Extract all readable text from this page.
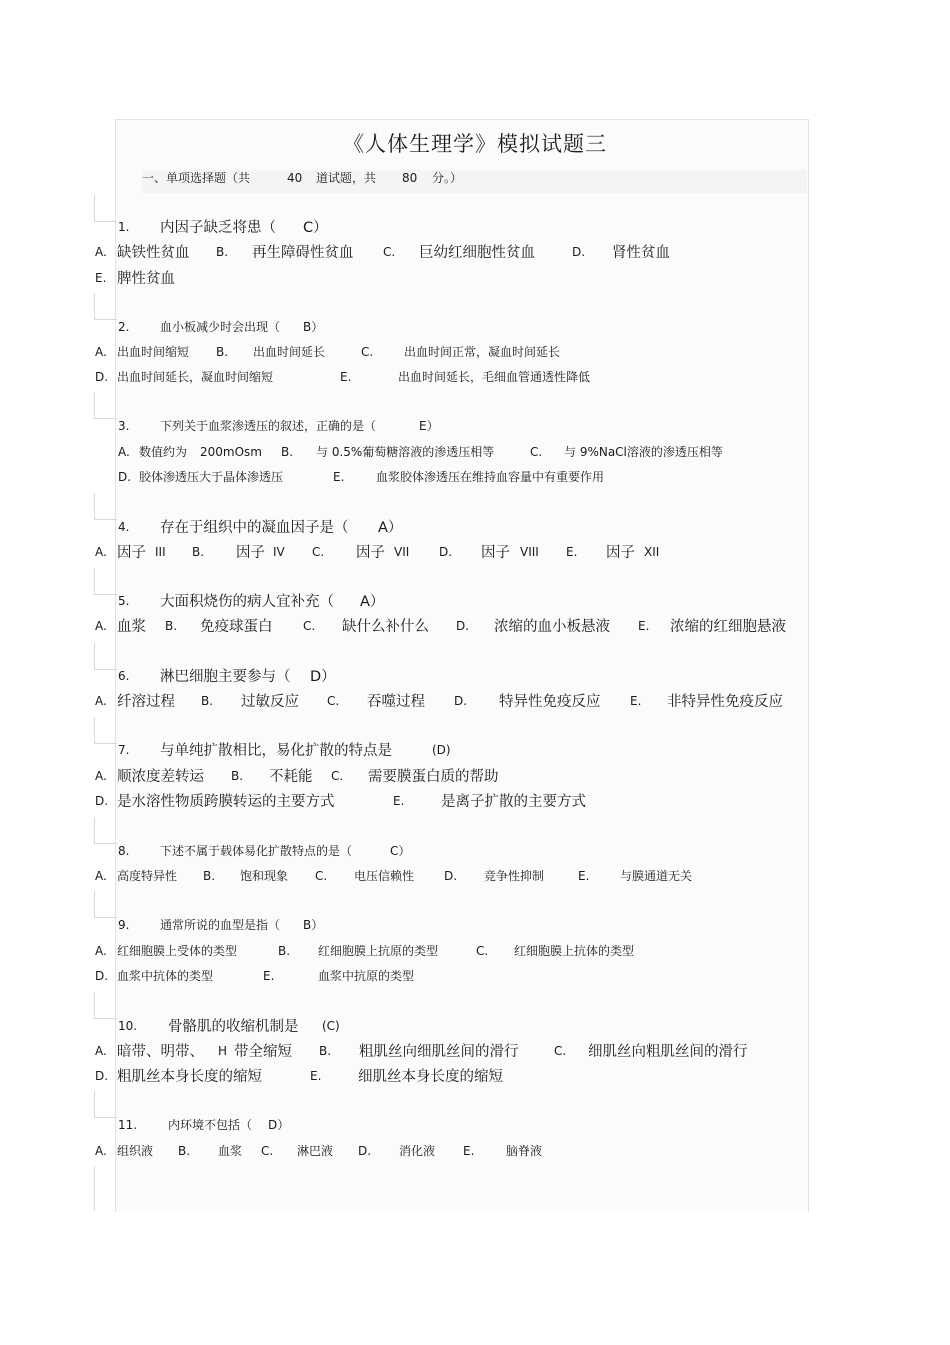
《人体生理学》模拟试题三
一、单项选择题（共	40 道试题，共 80 分。）
1. 内因子缺乏将患（ C）
A. 缺铁性贫血 B. 再生障碍性贫血 C. 巨幼红细胞性贫血	D. 肾性贫血
E. 脾性贫血
2.	血小板减少时会出现（ B）
A. 出血时间缩短 B. 出血时间延长	C.	出血时间正常，凝血时间延长
D. 出血时间延长，凝血时间缩短	E.	出血时间延长，毛细血管通透性降低
3.	下列关于血浆渗透压的叙述，正确的是（	E）
A. 数值约为 200mOsm B. 与 0.5%葡萄糖溶液的渗透压相等	C. 与 9%NaCl溶液的渗透压相等
D. 胶体渗透压大于晶体渗透压	E.	血浆胶体渗透压在维持血容量中有重要作用
4. 存在于组织中的凝血因子是（ A）
A. 因子 III B. 因子 IV C. 因子 VII D. 因子 VIII E. 因子 XII
5. 大面积烧伤的病人宜补充（ A）
A. 血浆 B. 免疫球蛋白	C. 缺什么补什么 D. 浓缩的血小板悬液 E. 浓缩的红细胞悬液
6. 淋巴细胞主要参与（ D）
A. 纤溶过程 B. 过敏反应 C. 吞噬过程 D. 特异性免疫反应 E. 非特异性免疫反应
7. 与单纯扩散相比，易化扩散的特点是	(D)
A. 顺浓度差转运 B. 不耗能 C. 需要膜蛋白质的帮助
D. 是水溶性物质跨膜转运的主要方式	E.	是离子扩散的主要方式
8.	下述不属于载体易化扩散特点的是（	C）
A. 高度特异性 B. 饱和现象 C. 电压信赖性 D. 竞争性抑制	E.	与膜通道无关
9.	通常所说的血型是指（ B）
A. 红细胞膜上受体的类型	B. 红细胞膜上抗原的类型	C. 红细胞膜上抗体的类型
D. 血浆中抗体的类型	E.	血浆中抗原的类型
10. 骨骼肌的收缩机制是 (C)
A. 暗带、明带、 H 带全缩短 B. 粗肌丝向细肌丝间的滑行	C. 细肌丝向粗肌丝间的滑行
D. 粗肌丝本身长度的缩短	E.	细肌丝本身长度的缩短
11.	内环境不包括（ D）
A. 组织液 B. 血浆 C. 淋巴液 D. 消化液 E.	脑脊液
